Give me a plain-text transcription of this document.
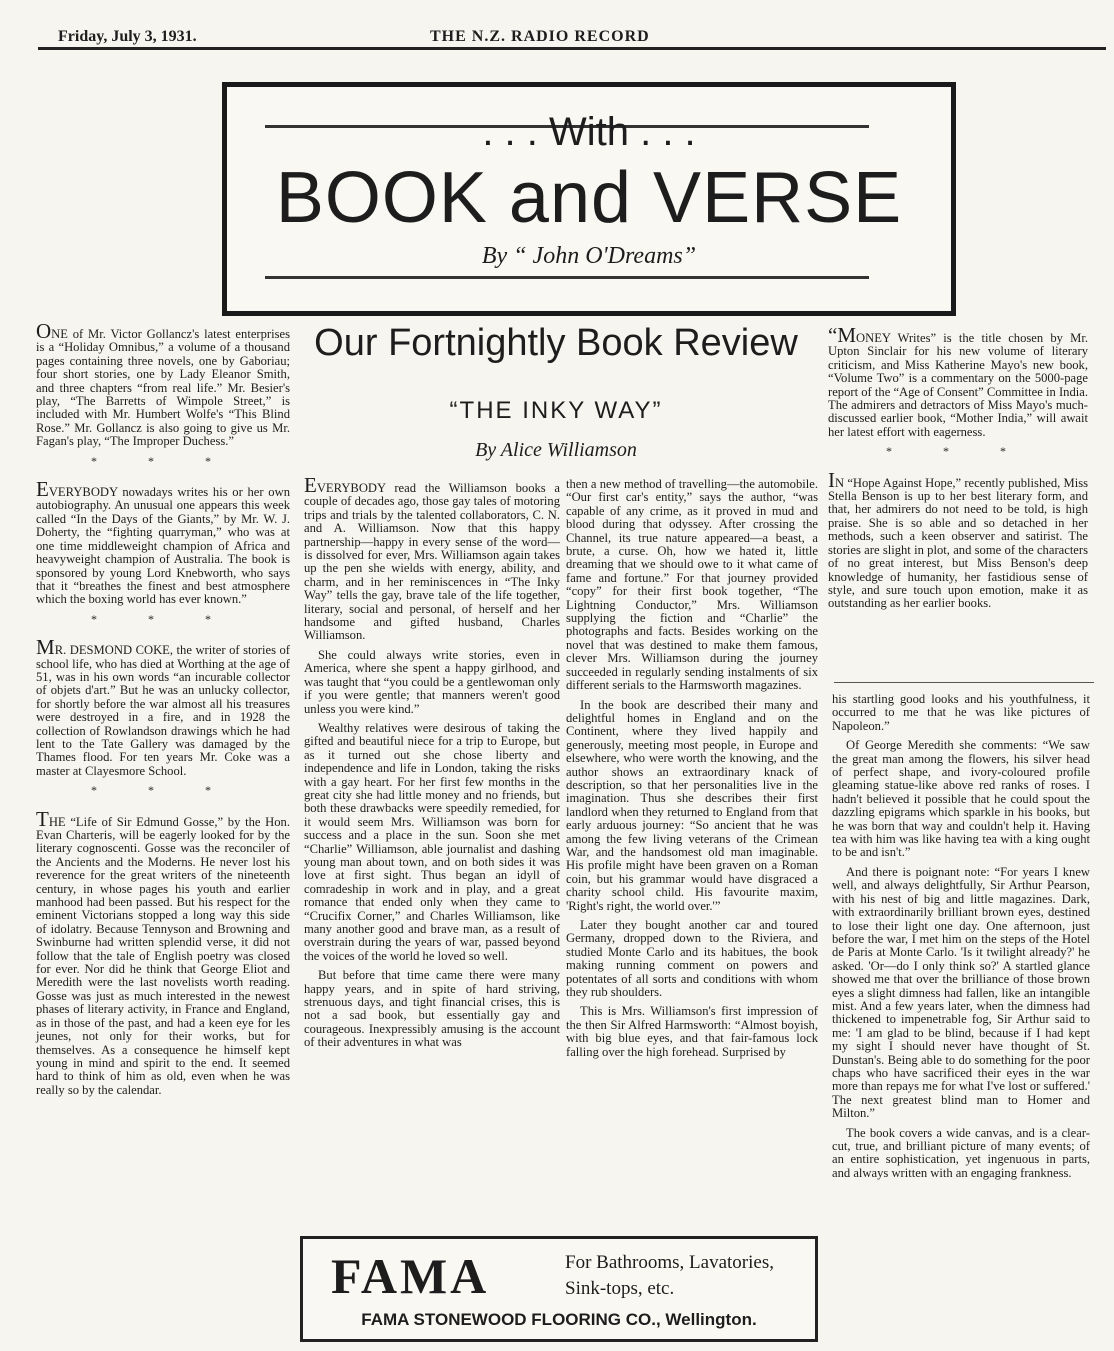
Friday, July 3, 1931.	THE N.Z. RADIO RECORD
. . . With . . .
BOOK and VERSE
By “ John O'Dreams”

ONE of Mr. Victor Gollancz's latest enterprises is a “Holiday Omnibus,” a volume of a thousand pages containing three novels, one by Gaboriau; four short stories, one by Lady Eleanor Smith, and three chapters “from real life.” Mr. Besier's play, “The Barretts of Wimpole Street,” is included with Mr. Humbert Wolfe's “This Blind Rose.” Mr. Gollancz is also going to give us Mr. Fagan's play, “The Improper Duchess.”

* * *

EVERYBODY nowadays writes his or her own autobiography. An unusual one appears this week called “In the Days of the Giants,” by Mr. W. J. Doherty, the “fighting quarryman,” who was at one time middleweight champion of Africa and heavyweight champion of Australia. The book is sponsored by young Lord Knebworth, who says that it “breathes the finest and best atmosphere which the boxing world has ever known.”

* * *

MR. DESMOND COKE, the writer of stories of school life, who has died at Worthing at the age of 51, was in his own words “an incurable collector of objets d'art.” But he was an unlucky collector, for shortly before the war almost all his treasures were destroyed in a fire, and in 1928 the collection of Rowlandson drawings which he had lent to the Tate Gallery was damaged by the Thames flood. For ten years Mr. Coke was a master at Clayesmore School.

* * *

THE “Life of Sir Edmund Gosse,” by the Hon. Evan Charteris, will be eagerly looked for by the literary cognoscenti. Gosse was the reconciler of the Ancients and the Moderns. He never lost his reverence for the great writers of the nineteenth century, in whose pages his youth and earlier manhood had been passed. But his respect for the eminent Victorians stopped a long way this side of idolatry. Because Tennyson and Browning and Swinburne had written splendid verse, it did not follow that the tale of English poetry was closed for ever. Nor did he think that George Eliot and Meredith were the last novelists worth reading. Gosse was just as much interested in the newest phases of literary activity, in France and England, as in those of the past, and had a keen eye for les jeunes, not only for their works, but for themselves. As a consequence he himself kept young in mind and spirit to the end. It seemed hard to think of him as old, even when he was really so by the calendar.

Our Fortnightly Book Review
“THE INKY WAY”
By Alice Williamson

EVERYBODY read the Williamson books a couple of decades ago, those gay tales of motoring trips and trials by the talented collaborators, C. N. and A. Williamson. Now that this happy partnership—happy in every sense of the word—is dissolved for ever, Mrs. Williamson again takes up the pen she wields with energy, ability, and charm, and in her reminiscences in “The Inky Way” tells the gay, brave tale of the life together, literary, social and personal, of herself and her handsome and gifted husband, Charles Williamson.

She could always write stories, even in America, where she spent a happy girlhood, and was taught that “you could be a gentlewoman only if you were gentle; that manners weren't good unless you were kind.”

Wealthy relatives were desirous of taking the gifted and beautiful niece for a trip to Europe, but as it turned out she chose liberty and independence and life in London, taking the risks with a gay heart. For her first few months in the great city she had little money and no friends, but both these drawbacks were speedily remedied, for it would seem Mrs. Williamson was born for success and a place in the sun. Soon she met “Charlie” Williamson, able journalist and dashing young man about town, and on both sides it was love at first sight. Thus began an idyll of comradeship in work and in play, and a great romance that ended only when they came to “Crucifix Corner,” and Charles Williamson, like many another good and brave man, as a result of overstrain during the years of war, passed beyond the voices of the world he loved so well.

But before that time came there were many happy years, and in spite of hard striving, strenuous days, and tight financial crises, this is not a sad book, but essentially gay and courageous. Inexpressibly amusing is the account of their adventures in what was

then a new method of travelling—the automobile. “Our first car's entity,” says the author, “was capable of any crime, as it proved in mud and blood during that odyssey. After crossing the Channel, its true nature appeared—a beast, a brute, a curse. Oh, how we hated it, little dreaming that we should owe to it what came of fame and fortune.” For that journey provided “copy” for their first book together, “The Lightning Conductor,” Mrs. Williamson supplying the fiction and “Charlie” the photographs and facts. Besides working on the novel that was destined to make them famous, clever Mrs. Williamson during the journey succeeded in regularly sending instalments of six different serials to the Harmsworth magazines.

In the book are described their many and delightful homes in England and on the Continent, where they lived happily and generously, meeting most people, in Europe and elsewhere, who were worth the knowing, and the author shows an extraordinary knack of description, so that her personalities live in the imagination. Thus she describes their first landlord when they returned to England from that early arduous journey: “So ancient that he was among the few living veterans of the Crimean War, and the handsomest old man imaginable. His profile might have been graven on a Roman coin, but his grammar would have disgraced a charity school child. His favourite maxim, 'Right's right, the world over.'”

Later they bought another car and toured Germany, dropped down to the Riviera, and studied Monte Carlo and its habitues, the book making running comment on powers and potentates of all sorts and conditions with whom they rub shoulders.

This is Mrs. Williamson's first impression of the then Sir Alfred Harmsworth: “Almost boyish, with big blue eyes, and that fair-famous lock falling over the high forehead. Surprised by

“MONEY Writes” is the title chosen by Mr. Upton Sinclair for his new volume of literary criticism, and Miss Katherine Mayo's new book, “Volume Two” is a commentary on the 5000-page report of the “Age of Consent” Committee in India. The admirers and detractors of Miss Mayo's much-discussed earlier book, “Mother India,” will await her latest effort with eagerness.

* * *

IN “Hope Against Hope,” recently published, Miss Stella Benson is up to her best literary form, and that, her admirers do not need to be told, is high praise. She is so able and so detached in her methods, such a keen observer and satirist. The stories are slight in plot, and some of the characters of no great interest, but Miss Benson's deep knowledge of humanity, her fastidious sense of style, and sure touch upon emotion, make it as outstanding as her earlier books.

his startling good looks and his youthfulness, it occurred to me that he was like pictures of Napoleon.”

Of George Meredith she comments: “We saw the great man among the flowers, his silver head of perfect shape, and ivory-coloured profile gleaming statue-like above red ranks of roses. I hadn't believed it possible that he could spout the dazzling epigrams which sparkle in his books, but he was born that way and couldn't help it. Having tea with him was like having tea with a king ought to be and isn't.”

And there is poignant note: “For years I knew well, and always delightfully, Sir Arthur Pearson, with his nest of big and little magazines. Dark, with extraordinarily brilliant brown eyes, destined to lose their light one day. One afternoon, just before the war, I met him on the steps of the Hotel de Paris at Monte Carlo. 'Is it twilight already?' he asked. 'Or—do I only think so?' A startled glance showed me that over the brilliance of those brown eyes a slight dimness had fallen, like an intangible mist. And a few years later, when the dimness had thickened to impenetrable fog, Sir Arthur said to me: 'I am glad to be blind, because if I had kept my sight I should never have thought of St. Dunstan's. Being able to do something for the poor chaps who have sacrificed their eyes in the war more than repays me for what I've lost or suffered.' The next greatest blind man to Homer and Milton.”

The book covers a wide canvas, and is a clear-cut, true, and brilliant picture of many events; of an entire sophistication, yet ingenuous in parts, and always written with an engaging frankness.

FAMA	For Bathrooms, Lavatories,
Sink-tops, etc.
FAMA STONEWOOD FLOORING CO., Wellington.
